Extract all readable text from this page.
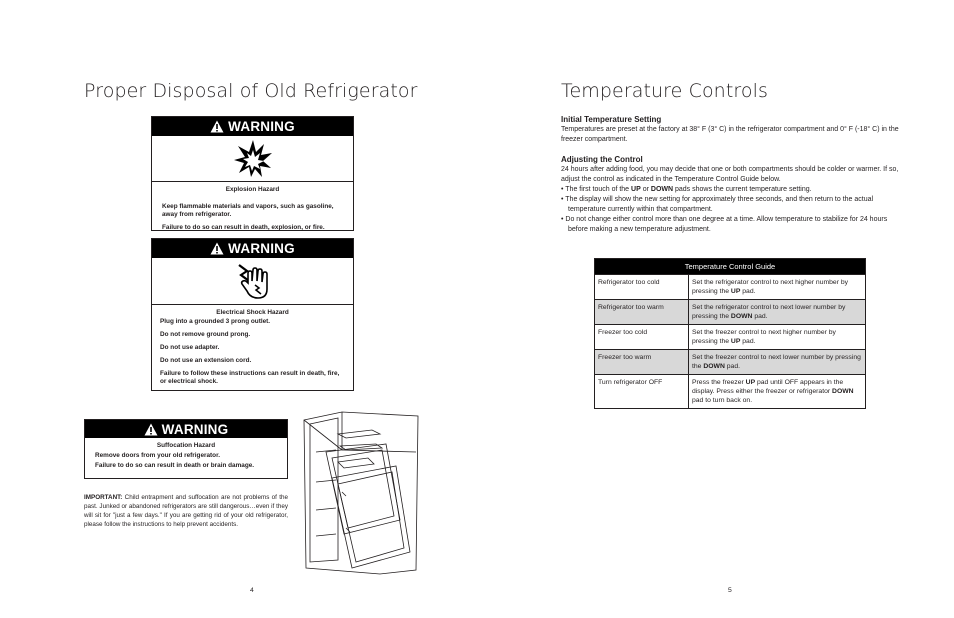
Proper Disposal of Old Refrigerator
WARNING
Explosion Hazard
Keep flammable materials and vapors, such as gasoline, away from refrigerator.
Failure to do so can result in death, explosion, or fire.
WARNING
Electrical Shock Hazard
Plug into a grounded 3 prong outlet.
Do not remove ground prong.
Do not use adapter.
Do not use an extension cord.
Failure to follow these instructions can result in death, fire, or electrical shock.
WARNING
Suffocation Hazard
Remove doors from your old refrigerator.
Failure to do so can result in death or brain damage.
IMPORTANT: Child entrapment and suffocation are not problems of the past. Junked or abandoned refrigerators are still dangerous…even if they will sit for "just a few days." If you are getting rid of your old refrigerator, please follow the instructions to help prevent accidents.
4
Temperature Controls
Initial Temperature Setting
Temperatures are preset at the factory at 38° F (3° C) in the refrigerator compartment and 0° F (-18° C) in the freezer compartment.
Adjusting the Control
24 hours after adding food, you may decide that one or both compartments should be colder or warmer. If so, adjust the control as indicated in the Temperature Control Guide below.
• The first touch of the UP or DOWN pads shows the current temperature setting.
• The display will show the new setting for approximately three seconds, and then return to the actual temperature currently within that compartment.
• Do not change either control more than one degree at a time. Allow temperature to stabilize for 24 hours before making a new temperature adjustment.
Temperature Control Guide
Refrigerator too cold	Set the refrigerator control to next higher number by pressing the UP pad.
Refrigerator too warm	Set the refrigerator control to next lower number by pressing the DOWN pad.
Freezer too cold	Set the freezer control to next higher number by pressing the UP pad.
Freezer too warm	Set the freezer control to next lower number by pressing the DOWN pad.
Turn refrigerator OFF	Press the freezer UP pad until OFF appears in the display. Press either the freezer or refrigerator DOWN pad to turn back on.
5
